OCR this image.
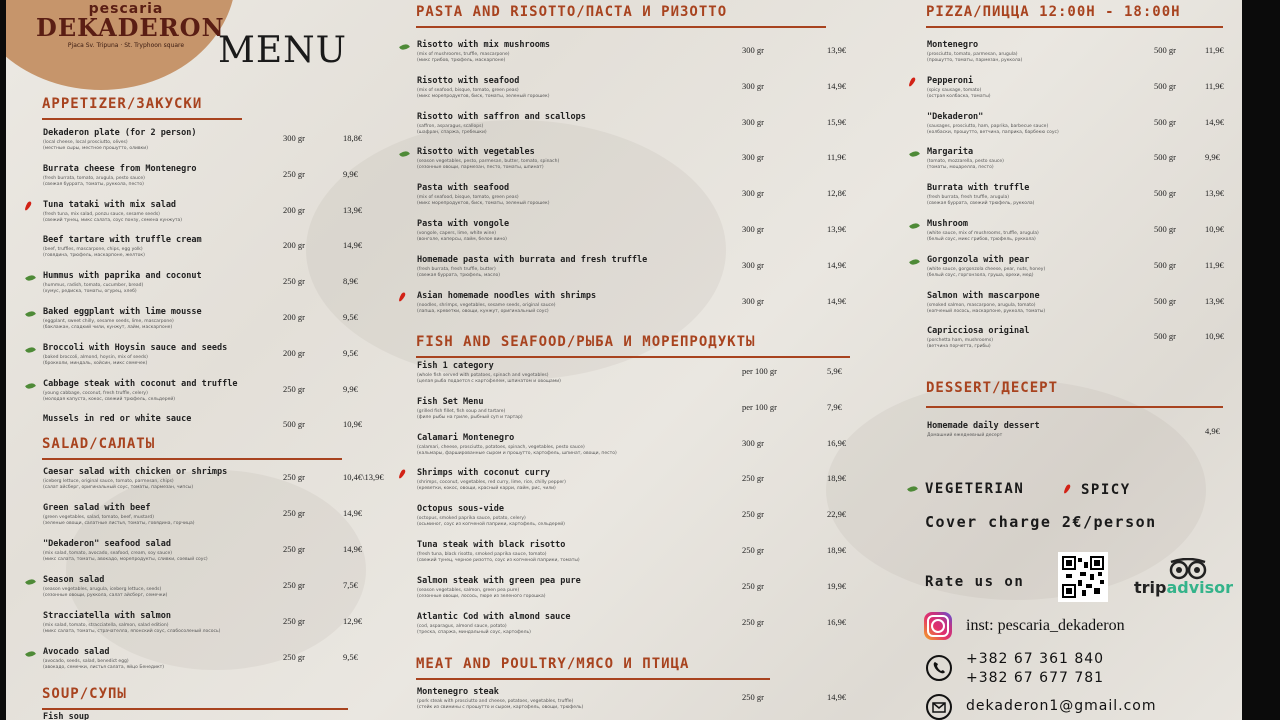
pescaria
DEKADERON
Pjaca Sv. Tripuna · St. Tryphoon square MENU
APPETIZER/ЗАКУСКИ
Dekaderon plate (for 2 person)
(local cheese, local prosciutto, olives)
(местные сыры, местное прошутто, оливки)
300 gr	18,8€
Burrata cheese from Montenegro
(fresh burrata, tomato, arugula, pesto sauce)
(свежая буррата, томаты, руккола, песто)
250 gr	9,9€
Tuna tataki with mix salad
(fresh tuna, mix salad, ponzu sauce, sesame seeds)
(свежий тунец, микс салата, соус понзу, семена кунжута)
200 gr	13,9€
Beef tartare with truffle cream
(beef, truffles, mascarpone, chips, egg yolk)
(говядина, трюфель, маскарпоне, желток)
200 gr	14,9€
Hummus with paprika and coconut
(hummus, radish, tomato, cucumber, bread)
(хумус, редиска, томаты, огурец, хлеб)
250 gr	8,9€
Baked eggplant with lime mousse
(eggplant, sweet chilly, sesame seeds, lime, mascarpone)
(баклажан, сладкий чили, кунжут, лайм, маскарпоне)
200 gr	9,5€
Broccoli with Hoysin sauce and seeds
(baked broccoli, almond, hoysin, mix of seeds)
(брокколи, миндаль, хойсин, микс семечек)
200 gr	9,5€
Cabbage steak with coconut and truffle
(young cabbage, coconut, fresh truffle, celery)
(молодая капуста, кокос, свежий трюфель, сельдерей)
250 gr	9,9€
Mussels in red or white sauce	500 gr	10,9€
SALAD/САЛАТЫ
Caesar salad with chicken or shrimps
(iceberg lettuce, original sauce, tomato, parmesan, chips)
(салат айсберг, оригинальный соус, томаты, пармезан, чипсы)
250 gr	10,4€\13,9€
Green salad with beef
(green vegetables, salad, tomato, beef, mustard)
(зеленые овощи, салатные листья, томаты, говядина, горчица)
250 gr	14,9€
"Dekaderon" seafood salad
(mix salad, tomato, avocado, seafood, cream, soy sauce)
(микс салата, томаты, авокадо, морепродукты, сливки, соевый соус)
250 gr	14,9€
Season salad
(season vegetables, arugula, iceberg lettuce, seeds)
(сезонные овощи, руккола, салат айсберг, семечки)
250 gr	7,5€
Stracciatella with salmon
(mix salad, tomato, stracciatella, salmon, salad edition)
(микс салата, томаты, страчателла, японский соус, слабосоленый лосось)
250 gr	12,9€
Avocado salad
(avocado, seeds, salad, benedict egg)
(авокадо, семечки, листья салата, яйцо Бенедикт)
250 gr	9,5€
SOUP/СУПЫ
Fish soup
PASTA AND RISOTTO/ПАСТА И РИЗОТТО
Risotto with mix mushrooms
(mix of mushrooms, truffle, mascarpone)
(микс грибов, трюфель, маскарпоне)
300 gr	13,9€
Risotto with seafood
(mix of seafood, bisque, tomato, green peas)
(микс морепродуктов, биск, томаты, зеленый горошек)
300 gr	14,9€
Risotto with saffron and scallops
(saffron, asparagus, scallops)
(шафран, спаржа, гребешки)
300 gr	15,9€
Risotto with vegetables
(season vegetables, pesto, parmesan, butter, tomato, spinach)
(сезонные овощи, пармезан, песто, томаты, шпинат)
300 gr	11,9€
Pasta with seafood
(mix of seafood, bisque, tomato, green peas)
(микс морепродуктов, биск, томаты, зеленый горошек)
300 gr	12,8€
Pasta with vongole
(vongole, capers, lime, white wine)
(вонголе, каперсы, лайм, белое вино)
300 gr	13,9€
Homemade pasta with burrata and fresh truffle
(fresh burrata, fresh truffle, butter)
(свежая буррата, трюфель, масло)
300 gr	14,9€
Asian homemade noodles with shrimps
(noodles, shrimps, vegetables, sesame seeds, original sauce)
(лапша, креветки, овощи, кунжут, оригинальный соус)
300 gr	14,9€
FISH AND SEAFOOD/РЫБА И МОРЕПРОДУКТЫ
Fish 1 category
(whole fish served with potatoes, spinach and vegetables)
(целая рыба подается с картофелем, шпинатом и овощами)
per 100 gr	5,9€
Fish Set Menu
(grilled fish fillet, fish soup and tartare)
(филе рыбы на гриле, рыбный суп и тартар)
per 100 gr	7,9€
Calamari Montenegro
(calamari, cheese, prosciutto, potatoes, spinach, vegetables, pesto sauce)
(кальмары, фаршированные сыром и прошутто, картофель, шпинат, овощи, песто)
300 gr	16,9€
Shrimps with coconut curry
(shrimps, coconut, vegetables, red curry, lime, rice, chilly pepper)
(креветки, кокос, овощи, красный карри, лайм, рис, чили)
250 gr	18,9€
Octopus sous-vide
(octopus, smoked paprika sauce, potato, celery)
(осьминог, соус из копченой паприки, картофель, сельдерей)
250 gr	22,9€
Tuna steak with black risotto
(fresh tuna, black risotto, smoked paprika sauce, tomato)
(свежий тунец, черное ризотто, соус из копченой паприки, томаты)
250 gr	18,9€
Salmon steak with green pea pure
(season vegetables, salmon, green pea pure)
(сезонные овощи, лосось, пюре из зеленого горошка)
250 gr	19,9€
Atlantic Cod with almond sauce
(cod, asparagus, almond sauce, potato)
(треска, спаржа, миндальный соус, картофель)
250 gr	16,9€
MEAT AND POULTRY/МЯСО И ПТИЦА
Montenegro steak
(pork steak with prosciutto and cheese, potatoes, vegetables, truffle)
(стейк из свинины с прошутто и сыром, картофель, овощи, трюфель)
250 gr	14,9€
PIZZA/ПИЦЦА 12:00H - 18:00H
Montenegro
(prosciutto, tomato, parmesan, arugula)
(прошутто, томаты, пармезан, руккола)
500 gr	11,9€
Pepperoni
(spicy sausage, tomato)
(острая колбаска, томаты)
500 gr	11,9€
"Dekaderon"
(sausages, prosciutto, ham, paprika, barbecue sauce)
(колбаски, прошутто, ветчина, паприка, барбекю соус)
500 gr	14,9€
Margarita
(tomato, mozzarella, pesto sauce)
(томаты, моцарелла, песто)
500 gr	9,9€
Burrata with truffle
(fresh burrata, fresh truffle, arugula)
(свежая буррата, свежий трюфель, руккола)
500 gr	13,9€
Mushroom
(white sauce, mix of mushrooms, truffle, arugula)
(белый соус, микс грибов, трюфель, руккола)
500 gr	10,9€
Gorgonzola with pear
(white sauce, gorgonzola cheese, pear, nuts, honey)
(белый соус, горгонзола, груша, орехи, мед)
500 gr	11,9€
Salmon with mascarpone
(smoked salmon, mascarpone, arugula, tomato)
(копченый лосось, маскарпоне, руккола, томаты)
500 gr	13,9€
Capricciosa original
(porchetta ham, mushrooms)
(ветчина порчетта, грибы)
500 gr	10,9€
DESSERT/ДЕСЕРТ
Homemade daily dessert
Домашний ежедневный десерт	4,9€
VEGETERIAN	SPICY
Cover charge 2€/person
Rate us on	tripadvisor
inst: pescaria_dekaderon
+382 67 361 840
+382 67 677 781
dekaderon1@gmail.com
